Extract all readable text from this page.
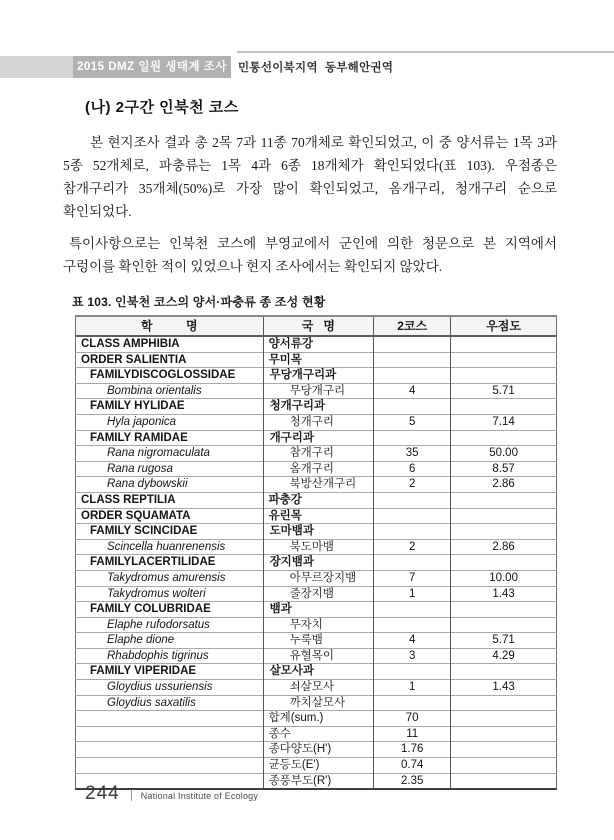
2015 DMZ 일원 생태계 조사 민통선이북지역  동부해안권역
(나) 2구간 인북천 코스

본 현지조사 결과 총 2목 7과 11종 70개체로 확인되었고, 이 중 양서류는 1목 3과 5종 52개체로, 파충류는 1목 4과 6종 18개체가 확인되었다(표 103). 우점종은 참개구리가 35개체(50%)로 가장 많이 확인되었고, 옴개구리, 청개구리 순으로 확인되었다.

특이사항으로는 인북천 코스에 부영교에서 군인에 의한 청문으로 본 지역에서 구렁이를 확인한 적이 있었으나 현지 조사에서는 확인되지 않았다.

표 103. 인북천 코스의 양서·파충류 종 조성 현황
학          명	국   명	2코스	우점도
CLASS AMPHIBIA	양서류강		
ORDER SALIENTIA	무미목		
FAMILYDISCOGLOSSIDAE	무당개구리과		
Bombina orientalis	무당개구리	4	5.71
FAMILY HYLIDAE	청개구리과		
Hyla japonica	청개구리	5	7.14
FAMILY RAMIDAE	개구리과		
Rana nigromaculata	참개구리	35	50.00
Rana rugosa	옴개구리	6	8.57
Rana dybowskii	북방산개구리	2	2.86
CLASS REPTILIA	파충강		
ORDER SQUAMATA	유린목		
FAMILY SCINCIDAE	도마뱀과		
Scincella huanrenensis	북도마뱀	2	2.86
FAMILYLACERTILIDAE	장지뱀과		
Takydromus amurensis	아무르장지뱀	7	10.00
Takydromus wolteri	줄장지뱀	1	1.43
FAMILY COLUBRIDAE	뱀과		
Elaphe rufodorsatus	무자치		
Elaphe dione	누룩뱀	4	5.71
Rhabdophis tigrinus	유혈목이	3	4.29
FAMILY VIPERIDAE	살모사과		
Gloydius ussuriensis	쇠살모사	1	1.43
Gloydius saxatilis	까치살모사		
	합계(sum.)	70	
	종수	11	
	종다양도(H')	1.76	
	균등도(E')	0.74	
	종풍부도(R')	2.35	
244 National Institute of Ecology
